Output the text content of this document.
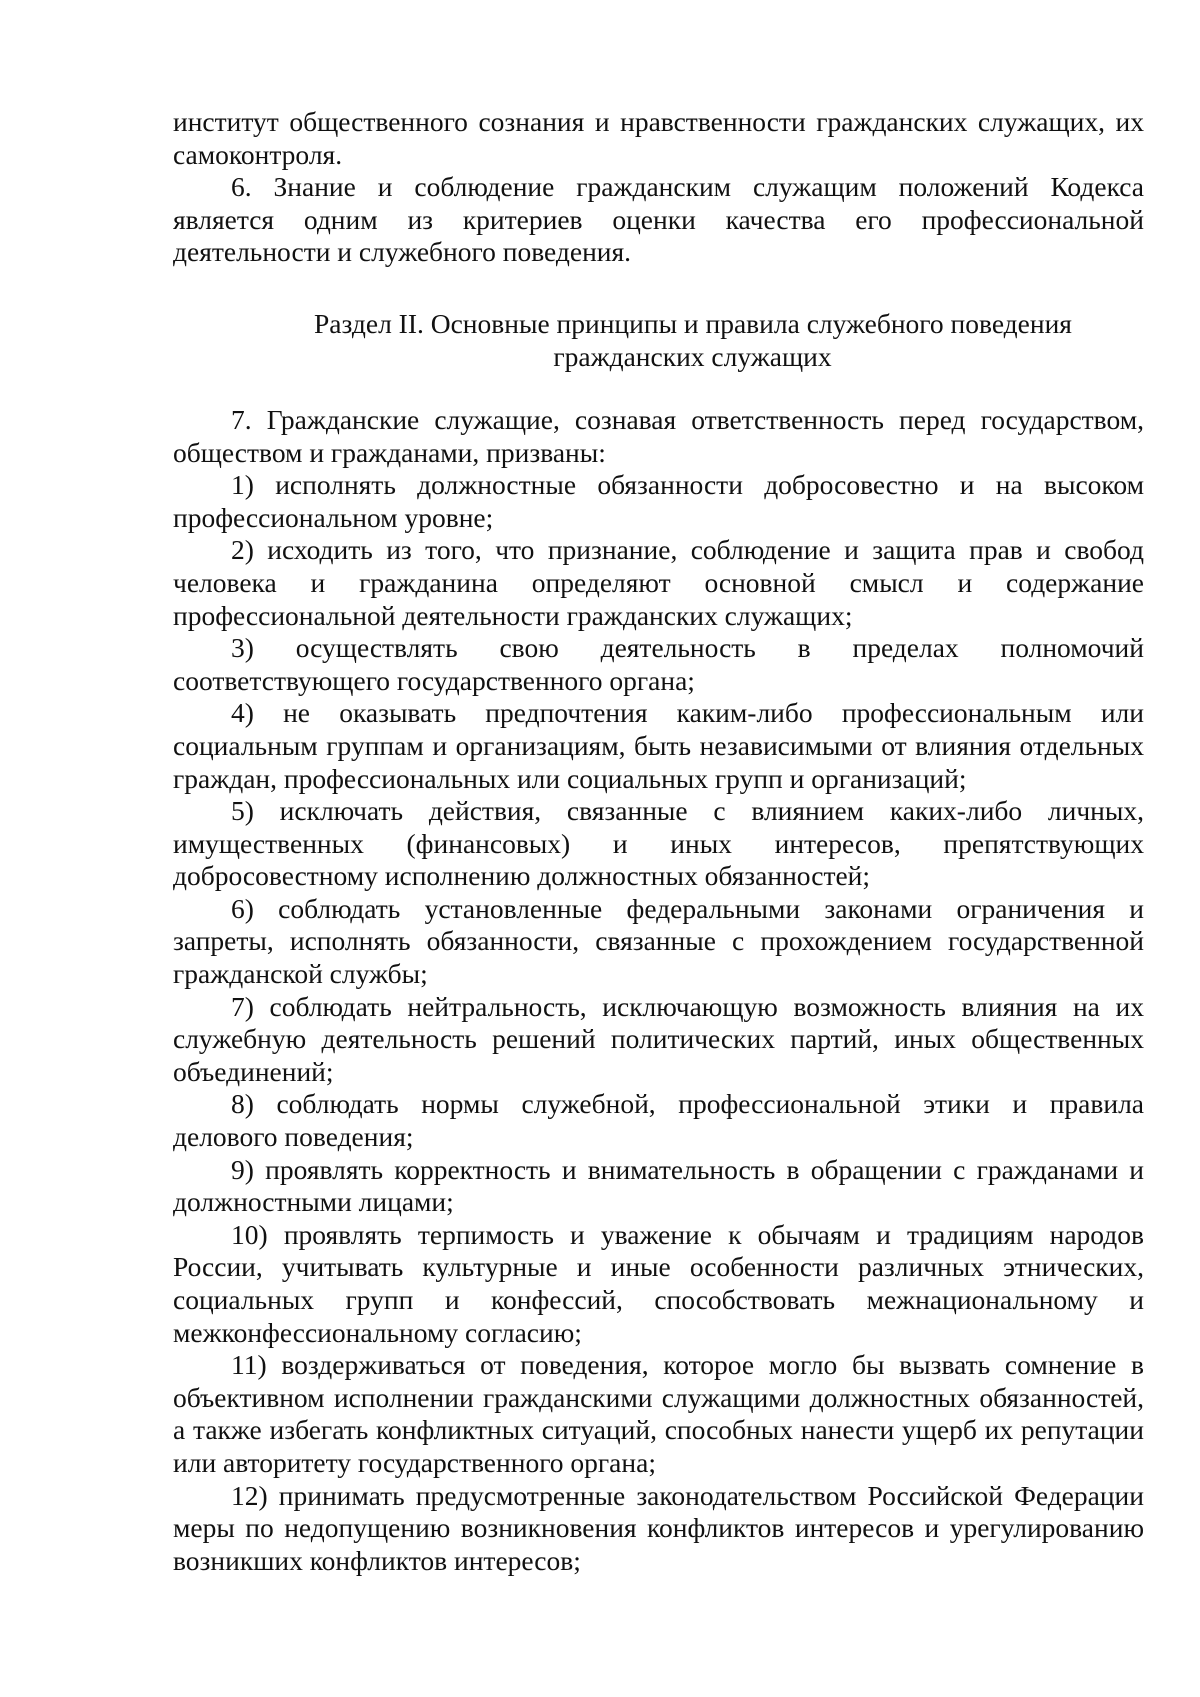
институт общественного сознания и нравственности гражданских служащих, их самоконтроля.

6. Знание и соблюдение гражданским служащим положений Кодекса является одним из критериев оценки качества его профессиональной деятельности и служебного поведения.

Раздел II. Основные принципы и правила служебного поведения
гражданских служащих

7. Гражданские служащие, сознавая ответственность перед государством, обществом и гражданами, призваны:

1) исполнять должностные обязанности добросовестно и на высоком профессиональном уровне;

2) исходить из того, что признание, соблюдение и защита прав и свобод человека и гражданина определяют основной смысл и содержание профессиональной деятельности гражданских служащих;

3) осуществлять свою деятельность в пределах полномочий соответствующего государственного органа;

4) не оказывать предпочтения каким-либо профессиональным или социальным группам и организациям, быть независимыми от влияния отдельных граждан, профессиональных или социальных групп и организаций;

5) исключать действия, связанные с влиянием каких-либо личных, имущественных (финансовых) и иных интересов, препятствующих добросовестному исполнению должностных обязанностей;

6) соблюдать установленные федеральными законами ограничения и запреты, исполнять обязанности, связанные с прохождением государственной гражданской службы;

7) соблюдать нейтральность, исключающую возможность влияния на их служебную деятельность решений политических партий, иных общественных объединений;

8) соблюдать нормы служебной, профессиональной этики и правила делового поведения;

9) проявлять корректность и внимательность в обращении с гражданами и должностными лицами;

10) проявлять терпимость и уважение к обычаям и традициям народов России, учитывать культурные и иные особенности различных этнических, социальных групп и конфессий, способствовать межнациональному и межконфессиональному согласию;

11) воздерживаться от поведения, которое могло бы вызвать сомнение в объективном исполнении гражданскими служащими должностных обязанностей, а также избегать конфликтных ситуаций, способных нанести ущерб их репутации или авторитету государственного органа;

12) принимать предусмотренные законодательством Российской Федерации меры по недопущению возникновения конфликтов интересов и урегулированию возникших конфликтов интересов;
